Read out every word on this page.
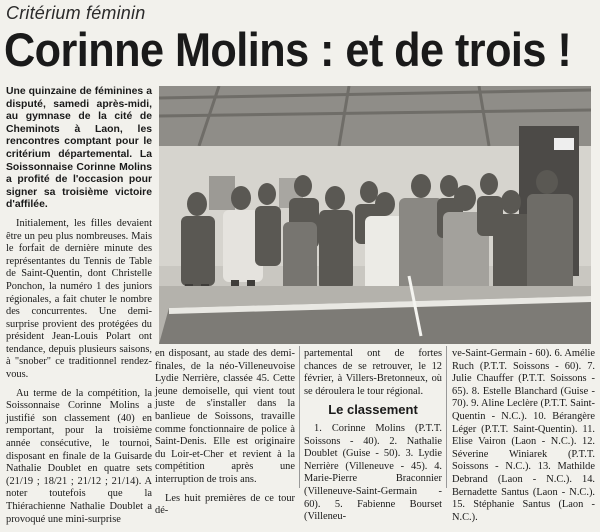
Critérium féminin
Corinne Molins : et de trois !

Une quinzaine de féminines a disputé, samedi après-midi, au gymnase de la cité de Cheminots à Laon, les rencontres comptant pour le critérium départemental. La Soissonnaise Corinne Molins a profité de l'occasion pour signer sa troisième victoire d'affilée.

Initialement, les filles devaient être un peu plus nombreuses. Mais le forfait de dernière minute des représentantes du Tennis de Table de Saint-Quentin, dont Christelle Ponchon, la numéro 1 des juniors régionales, a fait chuter le nombre des concurrentes. Une demi-surprise provient des protégées du président Jean-Louis Polart ont tendance, depuis plusieurs saisons, à "snober" ce traditionnel rendez-vous.

Au terme de la compétition, la Soissonnaise Corinne Molins a justifié son classement (40) en remportant, pour la troisième année consécutive, le tournoi, disposant en finale de la Guisarde Nathalie Doublet en quatre sets (21/19 ; 18/21 ; 21/12 ; 21/14). A noter toutefois que la Thiérachienne Nathalie Doublet a provoqué une mini-surprise

en disposant, au stade des demi-finales, de la néo-Villeneuvoise Lydie Nerrière, classée 45. Cette jeune demoiselle, qui vient tout juste de s'installer dans la banlieue de Soissons, travaille comme fonctionnaire de police à Saint-Denis. Elle est originaire du Loir-et-Cher et revient à la compétition après une interruption de trois ans.

Les huit premières de ce tour dé-

partemental ont de fortes chances de se retrouver, le 12 février, à Villers-Bretonneux, où se déroulera le tour régional.

Le classement

1. Corinne Molins (P.T.T. Soissons - 40). 2. Nathalie Doublet (Guise - 50). 3. Lydie Nerrière (Villeneuve - 45). 4. Marie-Pierre Braconnier (Villeneuve-Saint-Germain - 60). 5. Fabienne Bourset (Villeneu-

ve-Saint-Germain - 60). 6. Amélie Ruch (P.T.T. Soissons - 60). 7. Julie Chauffer (P.T.T. Soissons - 65). 8. Estelle Blanchard (Guise - 70). 9. Aline Leclère (P.T.T. Saint-Quentin - N.C.). 10. Bérangère Léger (P.T.T. Saint-Quentin). 11. Elise Vairon (Laon - N.C.). 12. Séverine Winiarek (P.T.T. Soissons - N.C.). 13. Mathilde Debrand (Laon - N.C.). 14. Bernadette Santus (Laon - N.C.). 15. Stéphanie Santus (Laon - N.C.).
